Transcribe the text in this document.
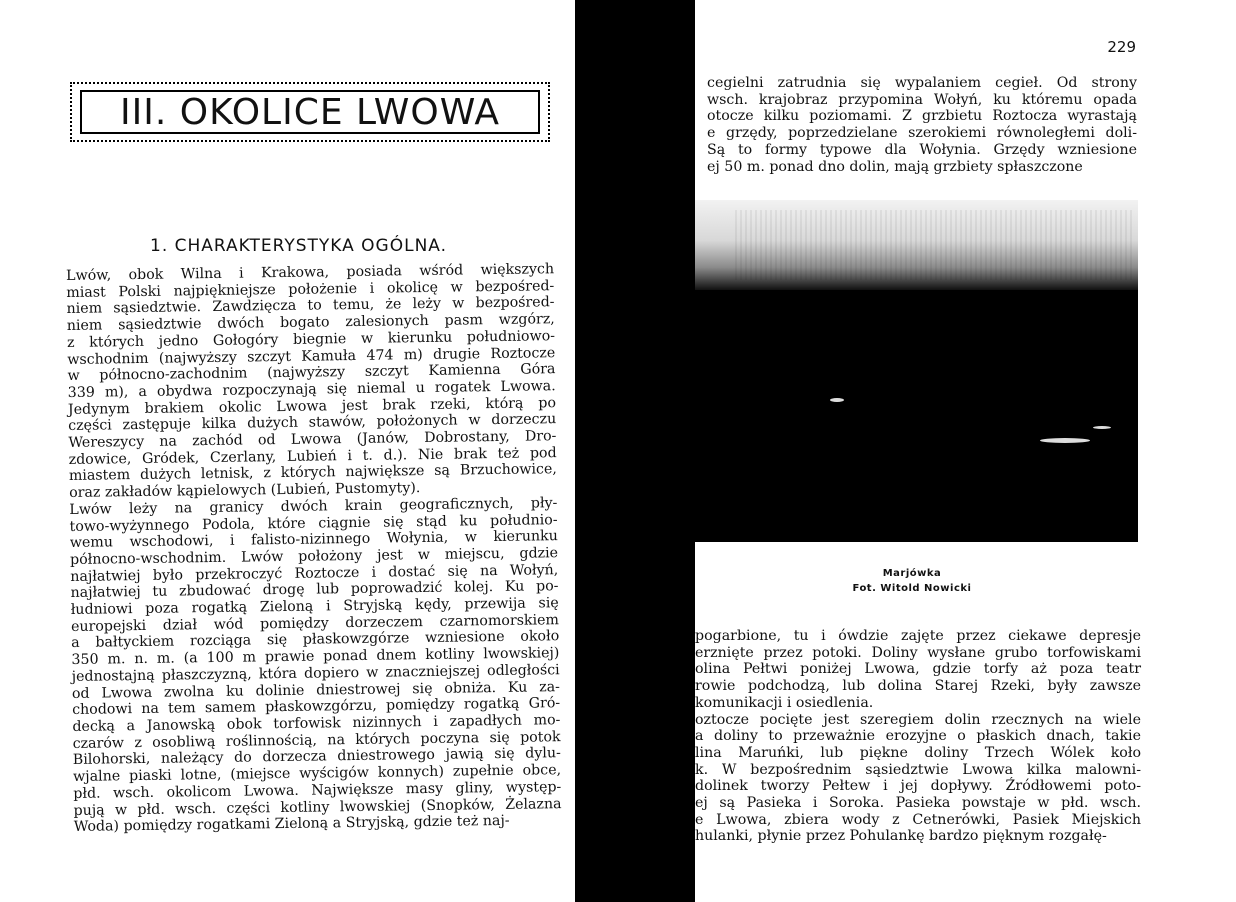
III. OKOLICE LWOWA
1. CHARAKTERYSTYKA OGÓLNA.
Lwów, obok Wilna i Krakowa, posiada wśród większych
miast Polski najpiękniejsze położenie i okolicę w bezpośred-
niem sąsiedztwie. Zawdzięcza to temu, że leży w bezpośred-
niem sąsiedztwie dwóch bogato zalesionych pasm wzgórz,
z których jedno Gołogóry biegnie w kierunku południowo-
wschodnim (najwyższy szczyt Kamuła 474 m) drugie Roztocze
w północno-zachodnim (najwyższy szczyt Kamienna Góra
339 m), a obydwa rozpoczynają się niemal u rogatek Lwowa.
Jedynym brakiem okolic Lwowa jest brak rzeki, którą po
części zastępuje kilka dużych stawów, położonych w dorzeczu
Wereszycy na zachód od Lwowa (Janów, Dobrostany, Dro-
zdowice, Gródek, Czerlany, Lubień i t. d.). Nie brak też pod
miastem dużych letnisk, z których największe są Brzuchowice,
oraz zakładów kąpielowych (Lubień, Pustomyty).
Lwów leży na granicy dwóch krain geograficznych, pły-
towo-wyżynnego Podola, które ciągnie się stąd ku południo-
wemu wschodowi, i falisto-nizinnego Wołynia, w kierunku
północno-wschodnim. Lwów położony jest w miejscu, gdzie
najłatwiej było przekroczyć Roztocze i dostać się na Wołyń,
najłatwiej tu zbudować drogę lub poprowadzić kolej. Ku po-
łudniowi poza rogatką Zieloną i Stryjską kędy, przewija się
europejski dział wód pomiędzy dorzeczem czarnomorskiem
a bałtyckiem rozciąga się płaskowzgórze wzniesione około
350 m. n. m. (a 100 m prawie ponad dnem kotliny lwowskiej)
jednostajną płaszczyzną, która dopiero w znaczniejszej odległości
od Lwowa zwolna ku dolinie dniestrowej się obniża. Ku za-
chodowi na tem samem płaskowzgórzu, pomiędzy rogatką Gró-
decką a Janowską obok torfowisk nizinnych i zapadłych mo-
czarów z osobliwą roślinnością, na których poczyna się potok
Bilohorski, należący do dorzecza dniestrowego jawią się dylu-
wjalne piaski lotne, (miejsce wyścigów konnych) zupełnie obce,
płd. wsch. okolicom Lwowa. Największe masy gliny, występ-
pują w płd. wsch. części kotliny lwowskiej (Snopków, Żelazna
Woda) pomiędzy rogatkami Zieloną a Stryjską, gdzie też naj-
229
cegielni zatrudnia się wypalaniem cegieł. Od strony
wsch. krajobraz przypomina Wołyń, ku któremu opada
otocze kilku poziomami. Z grzbietu Roztocza wyrastają
e grzędy, poprzedzielane szerokiemi równoległemi doli-
Są to formy typowe dla Wołynia. Grzędy wzniesione
ej 50 m. ponad dno dolin, mają grzbiety spłaszczone
Marjówka
Fot. Witold Nowicki
pogarbione, tu i ówdzie zajęte przez ciekawe depresje
erznięte przez potoki. Doliny wysłane grubo torfowiskami
olina Pełtwi poniżej Lwowa, gdzie torfy aż poza teatr
rowie podchodzą, lub dolina Starej Rzeki, były zawsze
komunikacji i osiedlenia.
oztocze pocięte jest szeregiem dolin rzecznych na wiele
a doliny to przeważnie erozyjne o płaskich dnach, takie
lina Maruńki, lub piękne doliny Trzech Wólek koło
k. W bezpośrednim sąsiedztwie Lwowa kilka malowni-
dolinek tworzy Pełtew i jej dopływy. Źródłowemi poto-
ej są Pasieka i Soroka. Pasieka powstaje w płd. wsch.
e Lwowa, zbiera wody z Cetnerówki, Pasiek Miejskich
hulanki, płynie przez Pohulankę bardzo pięknym rozgałę-
